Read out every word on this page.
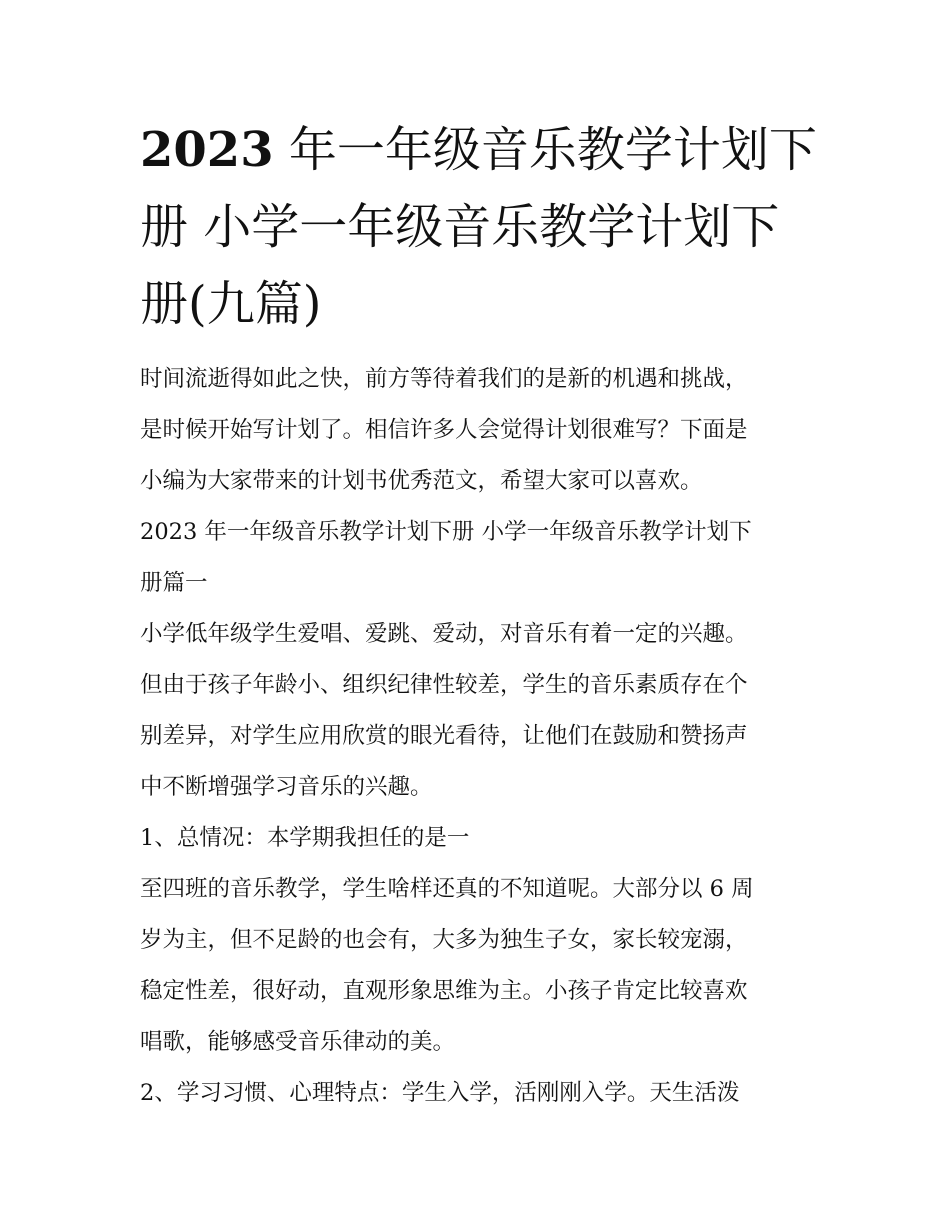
2023 年一年级音乐教学计划下
册 小学一年级音乐教学计划下
册(九篇)

时间流逝得如此之快，前方等待着我们的是新的机遇和挑战，

是时候开始写计划了。相信许多人会觉得计划很难写？下面是

小编为大家带来的计划书优秀范文，希望大家可以喜欢。

2023 年一年级音乐教学计划下册 小学一年级音乐教学计划下

册篇一

小学低年级学生爱唱、爱跳、爱动，对音乐有着一定的兴趣。

但由于孩子年龄小、组织纪律性较差，学生的音乐素质存在个

别差异，对学生应用欣赏的眼光看待，让他们在鼓励和赞扬声

中不断增强学习音乐的兴趣。

1、总情况：本学期我担任的是一

至四班的音乐教学，学生啥样还真的不知道呢。大部分以 6 周

岁为主，但不足龄的也会有，大多为独生子女，家长较宠溺，

稳定性差，很好动，直观形象思维为主。小孩子肯定比较喜欢

唱歌，能够感受音乐律动的美。

2、学习习惯、心理特点：学生入学，活刚刚入学。天生活泼
